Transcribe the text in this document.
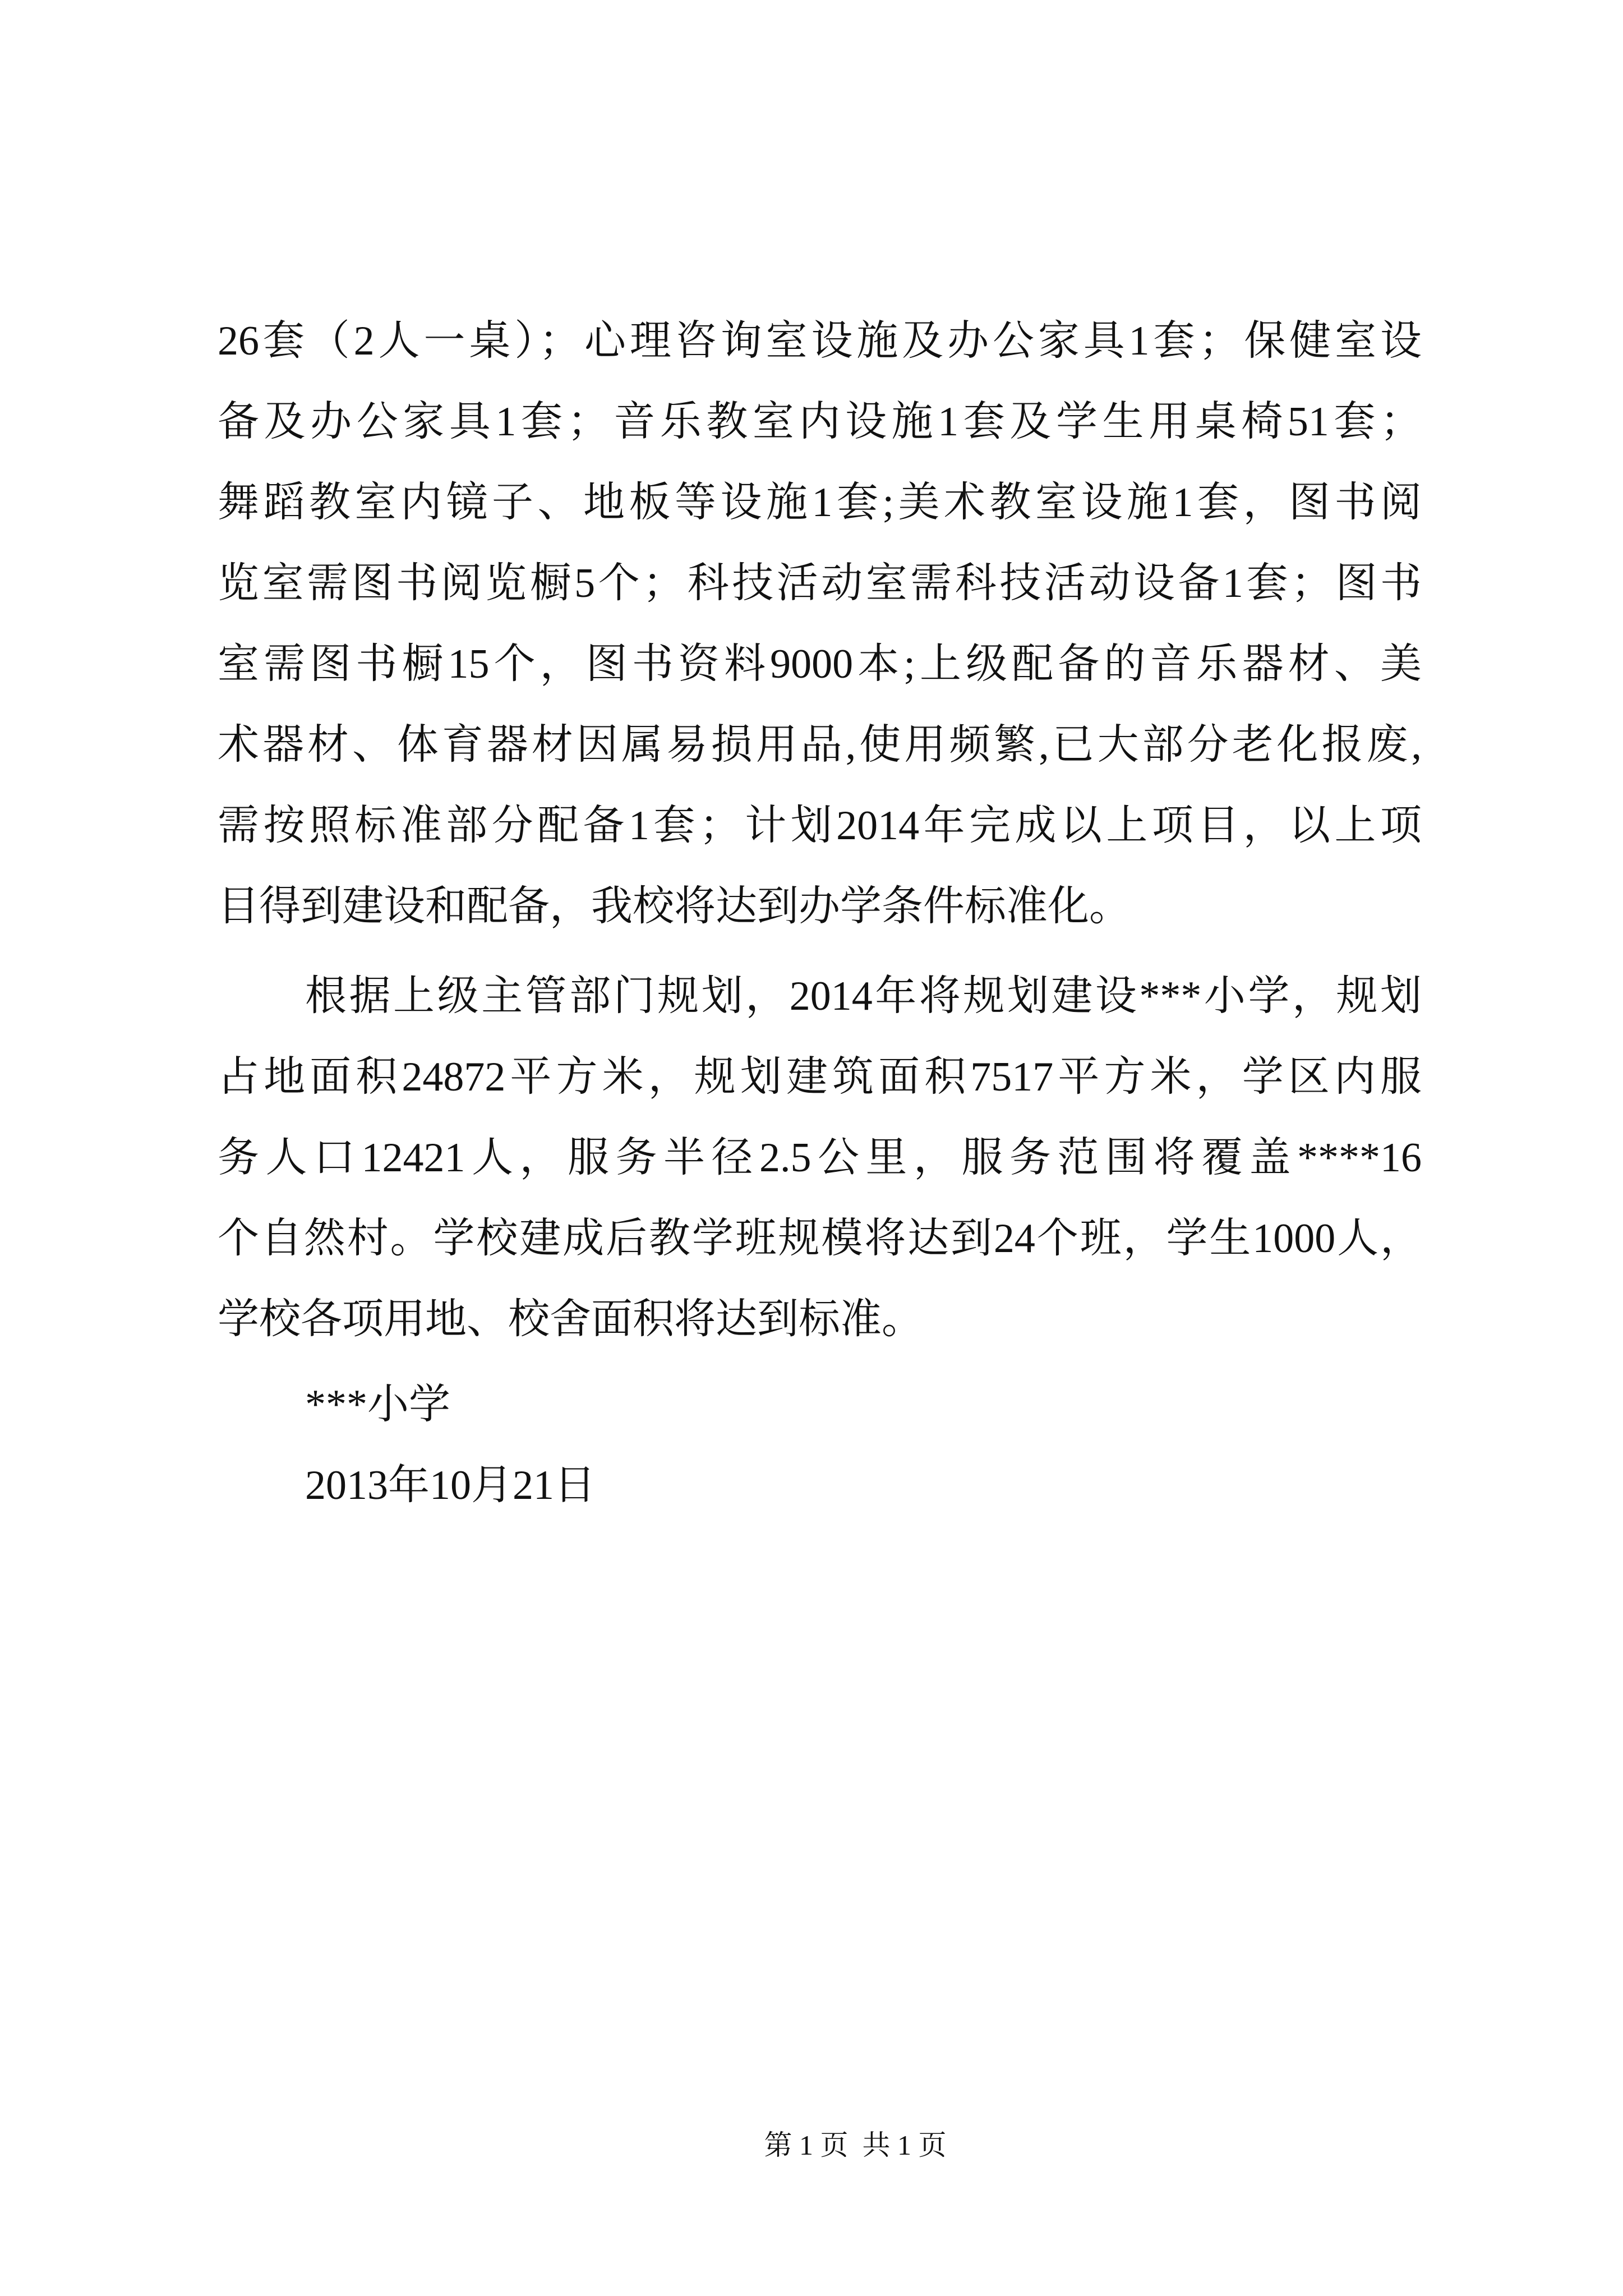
26套（2人一桌）；心理咨询室设施及办公家具1套；保健室设
备及办公家具1套；音乐教室内设施1套及学生用桌椅51套；
舞蹈教室内镜子、地板等设施1套;美术教室设施1套，图书阅
览室需图书阅览橱5个；科技活动室需科技活动设备1套；图书
室需图书橱15个，图书资料9000本;上级配备的音乐器材、美
术器材、体育器材因属易损用品,使用频繁,已大部分老化报废,
需按照标准部分配备1套；计划2014年完成以上项目，以上项
目得到建设和配备，我校将达到办学条件标准化。
根据上级主管部门规划，2014年将规划建设***小学，规划
占地面积24872平方米，规划建筑面积7517平方米，学区内服
务人口12421人，服务半径2.5公里，服务范围将覆盖****16
个自然村。学校建成后教学班规模将达到24个班，学生1000人，
学校各项用地、校舍面积将达到标准。
***小学
2013年10月21日
第 1 页  共 1 页
